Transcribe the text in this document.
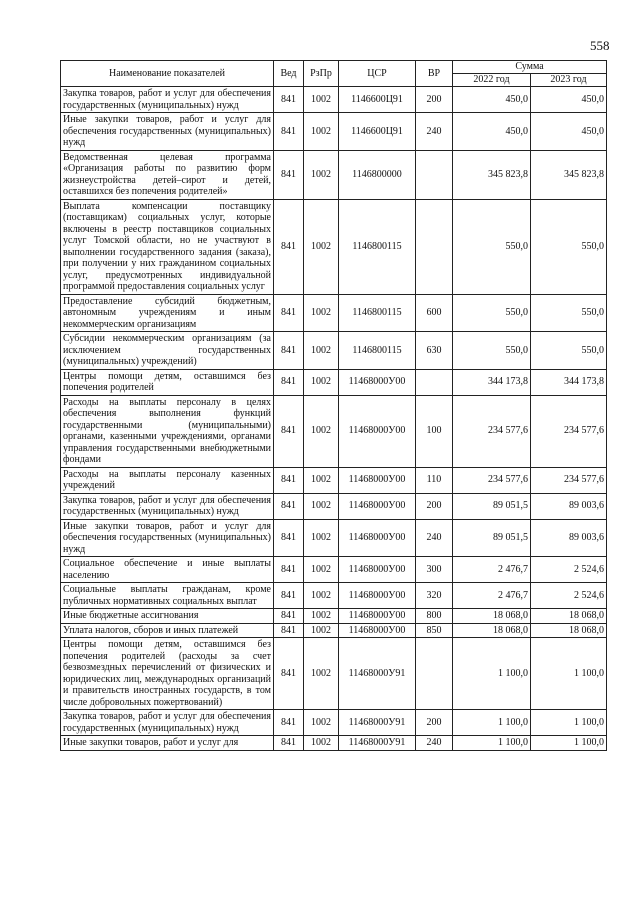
558
Наименование показателей	Вед	РзПр	ЦСР	ВР	Сумма	
					2022 год	2023 год
Закупка товаров, работ и услуг для обеспечения государственных (муниципальных) нужд	841	1002	1146600Ц91	200	450,0	450,0
Иные закупки товаров, работ и услуг для обеспечения государственных (муниципальных) нужд	841	1002	1146600Ц91	240	450,0	450,0
Ведомственная целевая программа «Организация работы по развитию форм жизнеустройства детей–сирот и детей, оставшихся без попечения родителей»	841	1002	1146800000		345 823,8	345 823,8
Выплата компенсации поставщику (поставщикам) социальных услуг, которые включены в реестр поставщиков социальных услуг Томской области, но не участвуют в выполнении государственного задания (заказа), при получении у них гражданином социальных услуг, предусмотренных индивидуальной программой предоставления социальных услуг	841	1002	1146800115		550,0	550,0
Предоставление субсидий бюджетным, автономным учреждениям и иным некоммерческим организациям	841	1002	1146800115	600	550,0	550,0
Субсидии некоммерческим организациям (за исключением государственных (муниципальных) учреждений)	841	1002	1146800115	630	550,0	550,0
Центры помощи детям, оставшимся без попечения родителей	841	1002	11468000У00		344 173,8	344 173,8
Расходы на выплаты персоналу в целях обеспечения выполнения функций государственными (муниципальными) органами, казенными учреждениями, органами управления государственными внебюджетными фондами	841	1002	11468000У00	100	234 577,6	234 577,6
Расходы на выплаты персоналу казенных учреждений	841	1002	11468000У00	110	234 577,6	234 577,6
Закупка товаров, работ и услуг для обеспечения государственных (муниципальных) нужд	841	1002	11468000У00	200	89 051,5	89 003,6
Иные закупки товаров, работ и услуг для обеспечения государственных (муниципальных) нужд	841	1002	11468000У00	240	89 051,5	89 003,6
Социальное обеспечение и иные выплаты населению	841	1002	11468000У00	300	2 476,7	2 524,6
Социальные выплаты гражданам, кроме публичных нормативных социальных выплат	841	1002	11468000У00	320	2 476,7	2 524,6
Иные бюджетные ассигнования	841	1002	11468000У00	800	18 068,0	18 068,0
Уплата налогов, сборов и иных платежей	841	1002	11468000У00	850	18 068,0	18 068,0
Центры помощи детям, оставшимся без попечения родителей (расходы за счет безвозмездных перечислений от физических и юридических лиц, международных организаций и правительств иностранных государств, в том числе добровольных пожертвований)	841	1002	11468000У91		1 100,0	1 100,0
Закупка товаров, работ и услуг для обеспечения государственных (муниципальных) нужд	841	1002	11468000У91	200	1 100,0	1 100,0
Иные закупки товаров, работ и услуг для	841	1002	11468000У91	240	1 100,0	1 100,0
